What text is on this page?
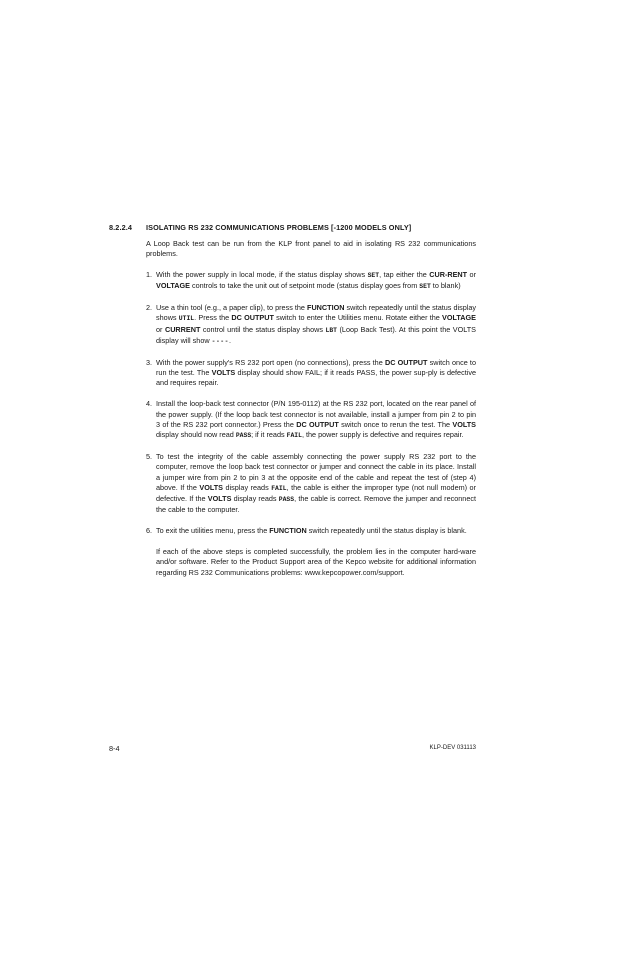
8.2.2.4 ISOLATING RS 232 COMMUNICATIONS PROBLEMS [-1200 MODELS ONLY]

A Loop Back test can be run from the KLP front panel to aid in isolating RS 232 communications problems.

1. With the power supply in local mode, if the status display shows SET, tap either the CUR-RENT or VOLTAGE controls to take the unit out of setpoint mode (status display goes from SET to blank)
2. Use a thin tool (e.g., a paper clip), to press the FUNCTION switch repeatedly until the status display shows UTIL. Press the DC OUTPUT switch to enter the Utilities menu. Rotate either the VOLTAGE or CURRENT control until the status display shows LBT (Loop Back Test). At this point the VOLTS display will show ----.
3. With the power supply's RS 232 port open (no connections), press the DC OUTPUT switch once to run the test. The VOLTS display should show FAIL; if it reads PASS, the power sup-ply is defective and requires repair.
4. Install the loop-back test connector (P/N 195-0112) at the RS 232 port, located on the rear panel of the power supply. (If the loop back test connector is not available, install a jumper from pin 2 to pin 3 of the RS 232 port connector.) Press the DC OUTPUT switch once to rerun the test. The VOLTS display should now read PASS; if it reads FAIL, the power supply is defective and requires repair.
5. To test the integrity of the cable assembly connecting the power supply RS 232 port to the computer, remove the loop back test connector or jumper and connect the cable in its place. Install a jumper wire from pin 2 to pin 3 at the opposite end of the cable and repeat the test of (step 4) above. If the VOLTS display reads FAIL, the cable is either the improper type (not null modem) or defective. If the VOLTS display reads PASS, the cable is correct. Remove the jumper and reconnect the cable to the computer.
6. To exit the utilities menu, press the FUNCTION switch repeatedly until the status display is blank.

If each of the above steps is completed successfully, the problem lies in the computer hard-ware and/or software. Refer to the Product Support area of the Kepco website for additional information regarding RS 232 Communications problems: www.kepcopower.com/support.

8-4	KLP-DEV 031113
